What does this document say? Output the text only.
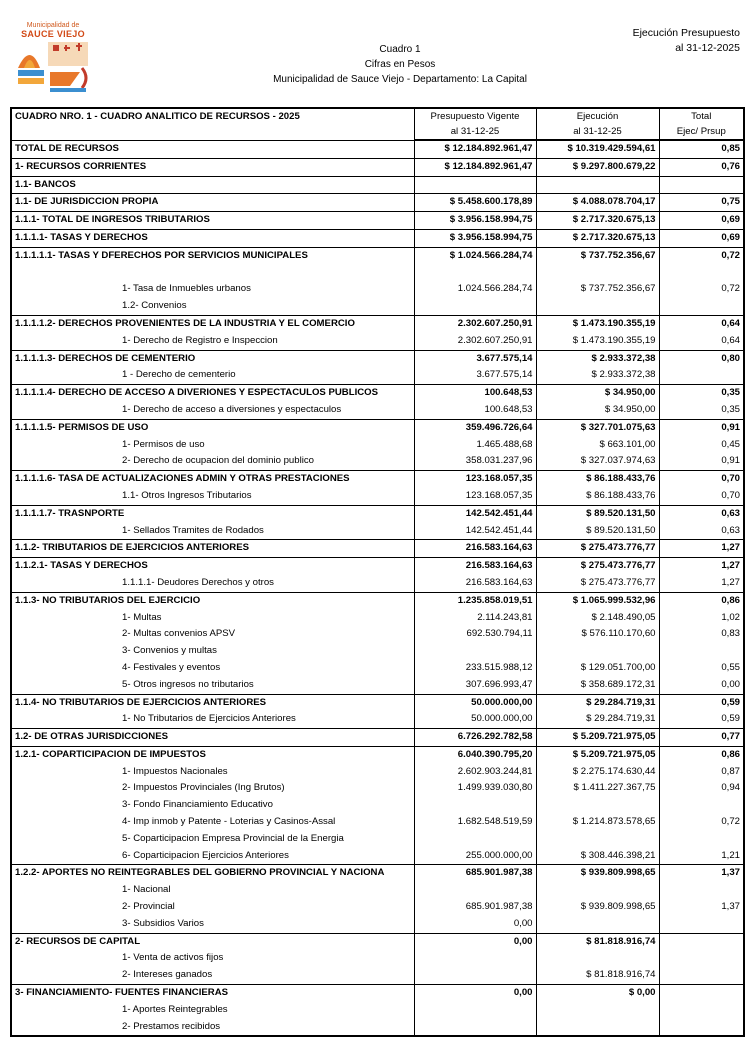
Municipalidad de
SAUCE VIEJO
Cuadro 1
Cifras en Pesos
Municipalidad de Sauce Viejo - Departamento: La Capital
Ejecución Presupuesto
al 31-12-2025
CUADRO NRO. 1 - CUADRO ANALITICO DE RECURSOS - 2025	Presupuesto Vigente	Ejecución	Total
	al 31-12-25	al 31-12-25	Ejec/ Prsup
TOTAL DE RECURSOS	$ 12.184.892.961,47	$ 10.319.429.594,61	0,85
1- RECURSOS CORRIENTES	$ 12.184.892.961,47	$ 9.297.800.679,22	0,76
1.1- BANCOS			
1.1- DE JURISDICCION PROPIA	$ 5.458.600.178,89	$ 4.088.078.704,17	0,75
1.1.1- TOTAL DE INGRESOS TRIBUTARIOS	$ 3.956.158.994,75	$ 2.717.320.675,13	0,69
1.1.1.1- TASAS Y DERECHOS	$ 3.956.158.994,75	$ 2.717.320.675,13	0,69
1.1.1.1.1- TASAS Y DFERECHOS POR SERVICIOS MUNICIPALES	$ 1.024.566.284,74	$ 737.752.356,67	0,72

1- Tasa de Inmuebles urbanos	1.024.566.284,74	$ 737.752.356,67	0,72
1.2- Convenios			
1.1.1.1.2- DERECHOS PROVENIENTES DE LA INDUSTRIA Y EL COMERCIO	2.302.607.250,91	$ 1.473.190.355,19	0,64
1- Derecho de Registro e Inspeccion	2.302.607.250,91	$ 1.473.190.355,19	0,64
1.1.1.1.3- DERECHOS DE CEMENTERIO	3.677.575,14	$ 2.933.372,38	0,80
1 - Derecho de cementerio	3.677.575,14	$ 2.933.372,38	
1.1.1.1.4- DERECHO DE ACCESO A DIVERIONES Y ESPECTACULOS PUBLICOS	100.648,53	$ 34.950,00	0,35
1- Derecho de acceso a diversiones y espectaculos	100.648,53	$ 34.950,00	0,35
1.1.1.1.5- PERMISOS DE USO	359.496.726,64	$ 327.701.075,63	0,91
1- Permisos de uso	1.465.488,68	$ 663.101,00	0,45
2- Derecho de ocupacion del dominio publico	358.031.237,96	$ 327.037.974,63	0,91
1.1.1.1.6- TASA DE ACTUALIZACIONES ADMIN Y OTRAS PRESTACIONES	123.168.057,35	$ 86.188.433,76	0,70
1.1- Otros Ingresos Tributarios	123.168.057,35	$ 86.188.433,76	0,70
1.1.1.1.7- TRASNPORTE	142.542.451,44	$ 89.520.131,50	0,63
1- Sellados Tramites de Rodados	142.542.451,44	$ 89.520.131,50	0,63
1.1.2- TRIBUTARIOS DE EJERCICIOS ANTERIORES	216.583.164,63	$ 275.473.776,77	1,27
1.1.2.1- TASAS Y DERECHOS	216.583.164,63	$ 275.473.776,77	1,27
1.1.1.1- Deudores Derechos y otros	216.583.164,63	$ 275.473.776,77	1,27
1.1.3- NO TRIBUTARIOS DEL EJERCICIO	1.235.858.019,51	$ 1.065.999.532,96	0,86
1- Multas	2.114.243,81	$ 2.148.490,05	1,02
2- Multas convenios APSV	692.530.794,11	$ 576.110.170,60	0,83
3- Convenios y multas			
4- Festivales y eventos	233.515.988,12	$ 129.051.700,00	0,55
5- Otros ingresos no tributarios	307.696.993,47	$ 358.689.172,31	0,00
1.1.4- NO TRIBUTARIOS DE EJERCICIOS ANTERIORES	50.000.000,00	$ 29.284.719,31	0,59
1- No Tributarios de Ejercicios Anteriores	50.000.000,00	$ 29.284.719,31	0,59
1.2- DE OTRAS JURISDICCIONES	6.726.292.782,58	$ 5.209.721.975,05	0,77
1.2.1- COPARTICIPACION DE IMPUESTOS	6.040.390.795,20	$ 5.209.721.975,05	0,86
1- Impuestos Nacionales	2.602.903.244,81	$ 2.275.174.630,44	0,87
2- Impuestos Provinciales (Ing Brutos)	1.499.939.030,80	$ 1.411.227.367,75	0,94
3- Fondo Financiamiento Educativo			
4- Imp inmob y Patente - Loterias y Casinos-Assal	1.682.548.519,59	$ 1.214.873.578,65	0,72
5- Coparticipacion Empresa Provincial de la Energia			
6- Coparticipacion Ejercicios Anteriores	255.000.000,00	$ 308.446.398,21	1,21
1.2.2- APORTES NO REINTEGRABLES DEL GOBIERNO PROVINCIAL Y NACIONA	685.901.987,38	$ 939.809.998,65	1,37
1- Nacional			
2- Provincial	685.901.987,38	$ 939.809.998,65	1,37
3- Subsidios Varios	0,00		
2- RECURSOS DE CAPITAL	0,00	$ 81.818.916,74	
1- Venta de activos fijos			
2- Intereses ganados		$ 81.818.916,74	
3- FINANCIAMIENTO- FUENTES FINANCIERAS	0,00	$ 0,00	
1- Aportes Reintegrables			
2- Prestamos recibidos			
